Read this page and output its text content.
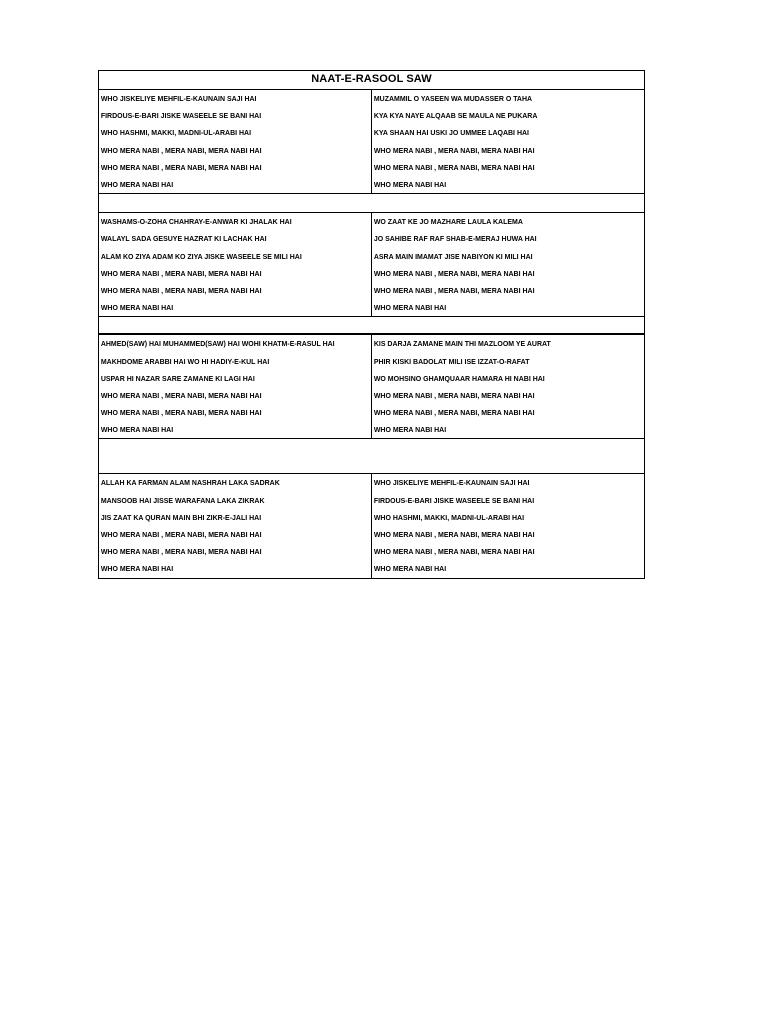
NAAT-E-RASOOL SAW
WHO JISKELIYE MEHFIL-E-KAUNAIN SAJI HAI
FIRDOUS-E-BARI JISKE WASEELE SE BANI HAI
WHO HASHMI, MAKKI, MADNI-UL-ARABI HAI
WHO MERA NABI , MERA NABI, MERA NABI HAI
WHO MERA NABI , MERA NABI, MERA NABI HAI
WHO MERA NABI HAI
MUZAMMIL O YASEEN WA MUDASSER O TAHA
KYA KYA NAYE ALQAAB SE MAULA NE PUKARA
KYA SHAAN HAI USKI JO UMMEE LAQABI HAI
WHO MERA NABI , MERA NABI, MERA NABI HAI
WHO MERA NABI , MERA NABI, MERA NABI HAI
WHO MERA NABI HAI
WASHAMS-O-ZOHA CHAHRAY-E-ANWAR KI JHALAK HAI
WALAYL SADA GESUYE HAZRAT KI LACHAK HAI
ALAM KO ZIYA ADAM KO ZIYA JISKE WASEELE SE MILI HAI
WHO MERA NABI , MERA NABI, MERA NABI HAI
WHO MERA NABI , MERA NABI, MERA NABI HAI
WHO MERA NABI HAI
WO ZAAT KE JO MAZHARE LAULA KALEMA
JO SAHIBE RAF RAF SHAB-E-MERAJ HUWA HAI
ASRA MAIN IMAMAT JISE NABIYON KI MILI HAI
WHO MERA NABI , MERA NABI, MERA NABI HAI
WHO MERA NABI , MERA NABI, MERA NABI HAI
WHO MERA NABI HAI
AHMED(SAW) HAI MUHAMMED(SAW) HAI WOHI KHATM-E-RASUL HAI
MAKHDOME ARABBI HAI WO HI HADIY-E-KUL HAI
USPAR HI NAZAR SARE ZAMANE KI LAGI HAI
WHO MERA NABI , MERA NABI, MERA NABI HAI
WHO MERA NABI , MERA NABI, MERA NABI HAI
WHO MERA NABI HAI
KIS DARJA ZAMANE MAIN THI MAZLOOM YE AURAT
PHIR KISKI BADOLAT MILI ISE IZZAT-O-RAFAT
WO MOHSINO GHAMQUAAR HAMARA HI NABI HAI
WHO MERA NABI , MERA NABI, MERA NABI HAI
WHO MERA NABI , MERA NABI, MERA NABI HAI
WHO MERA NABI HAI
ALLAH KA FARMAN ALAM NASHRAH LAKA SADRAK
MANSOOB HAI JISSE WARAFANA LAKA ZIKRAK
JIS ZAAT KA QURAN MAIN BHI ZIKR-E-JALI HAI
WHO MERA NABI , MERA NABI, MERA NABI HAI
WHO MERA NABI , MERA NABI, MERA NABI HAI
WHO MERA NABI HAI
WHO JISKELIYE MEHFIL-E-KAUNAIN SAJI HAI
FIRDOUS-E-BARI JISKE WASEELE SE BANI HAI
WHO HASHMI, MAKKI, MADNI-UL-ARABI HAI
WHO MERA NABI , MERA NABI, MERA NABI HAI
WHO MERA NABI , MERA NABI, MERA NABI HAI
WHO MERA NABI HAI
